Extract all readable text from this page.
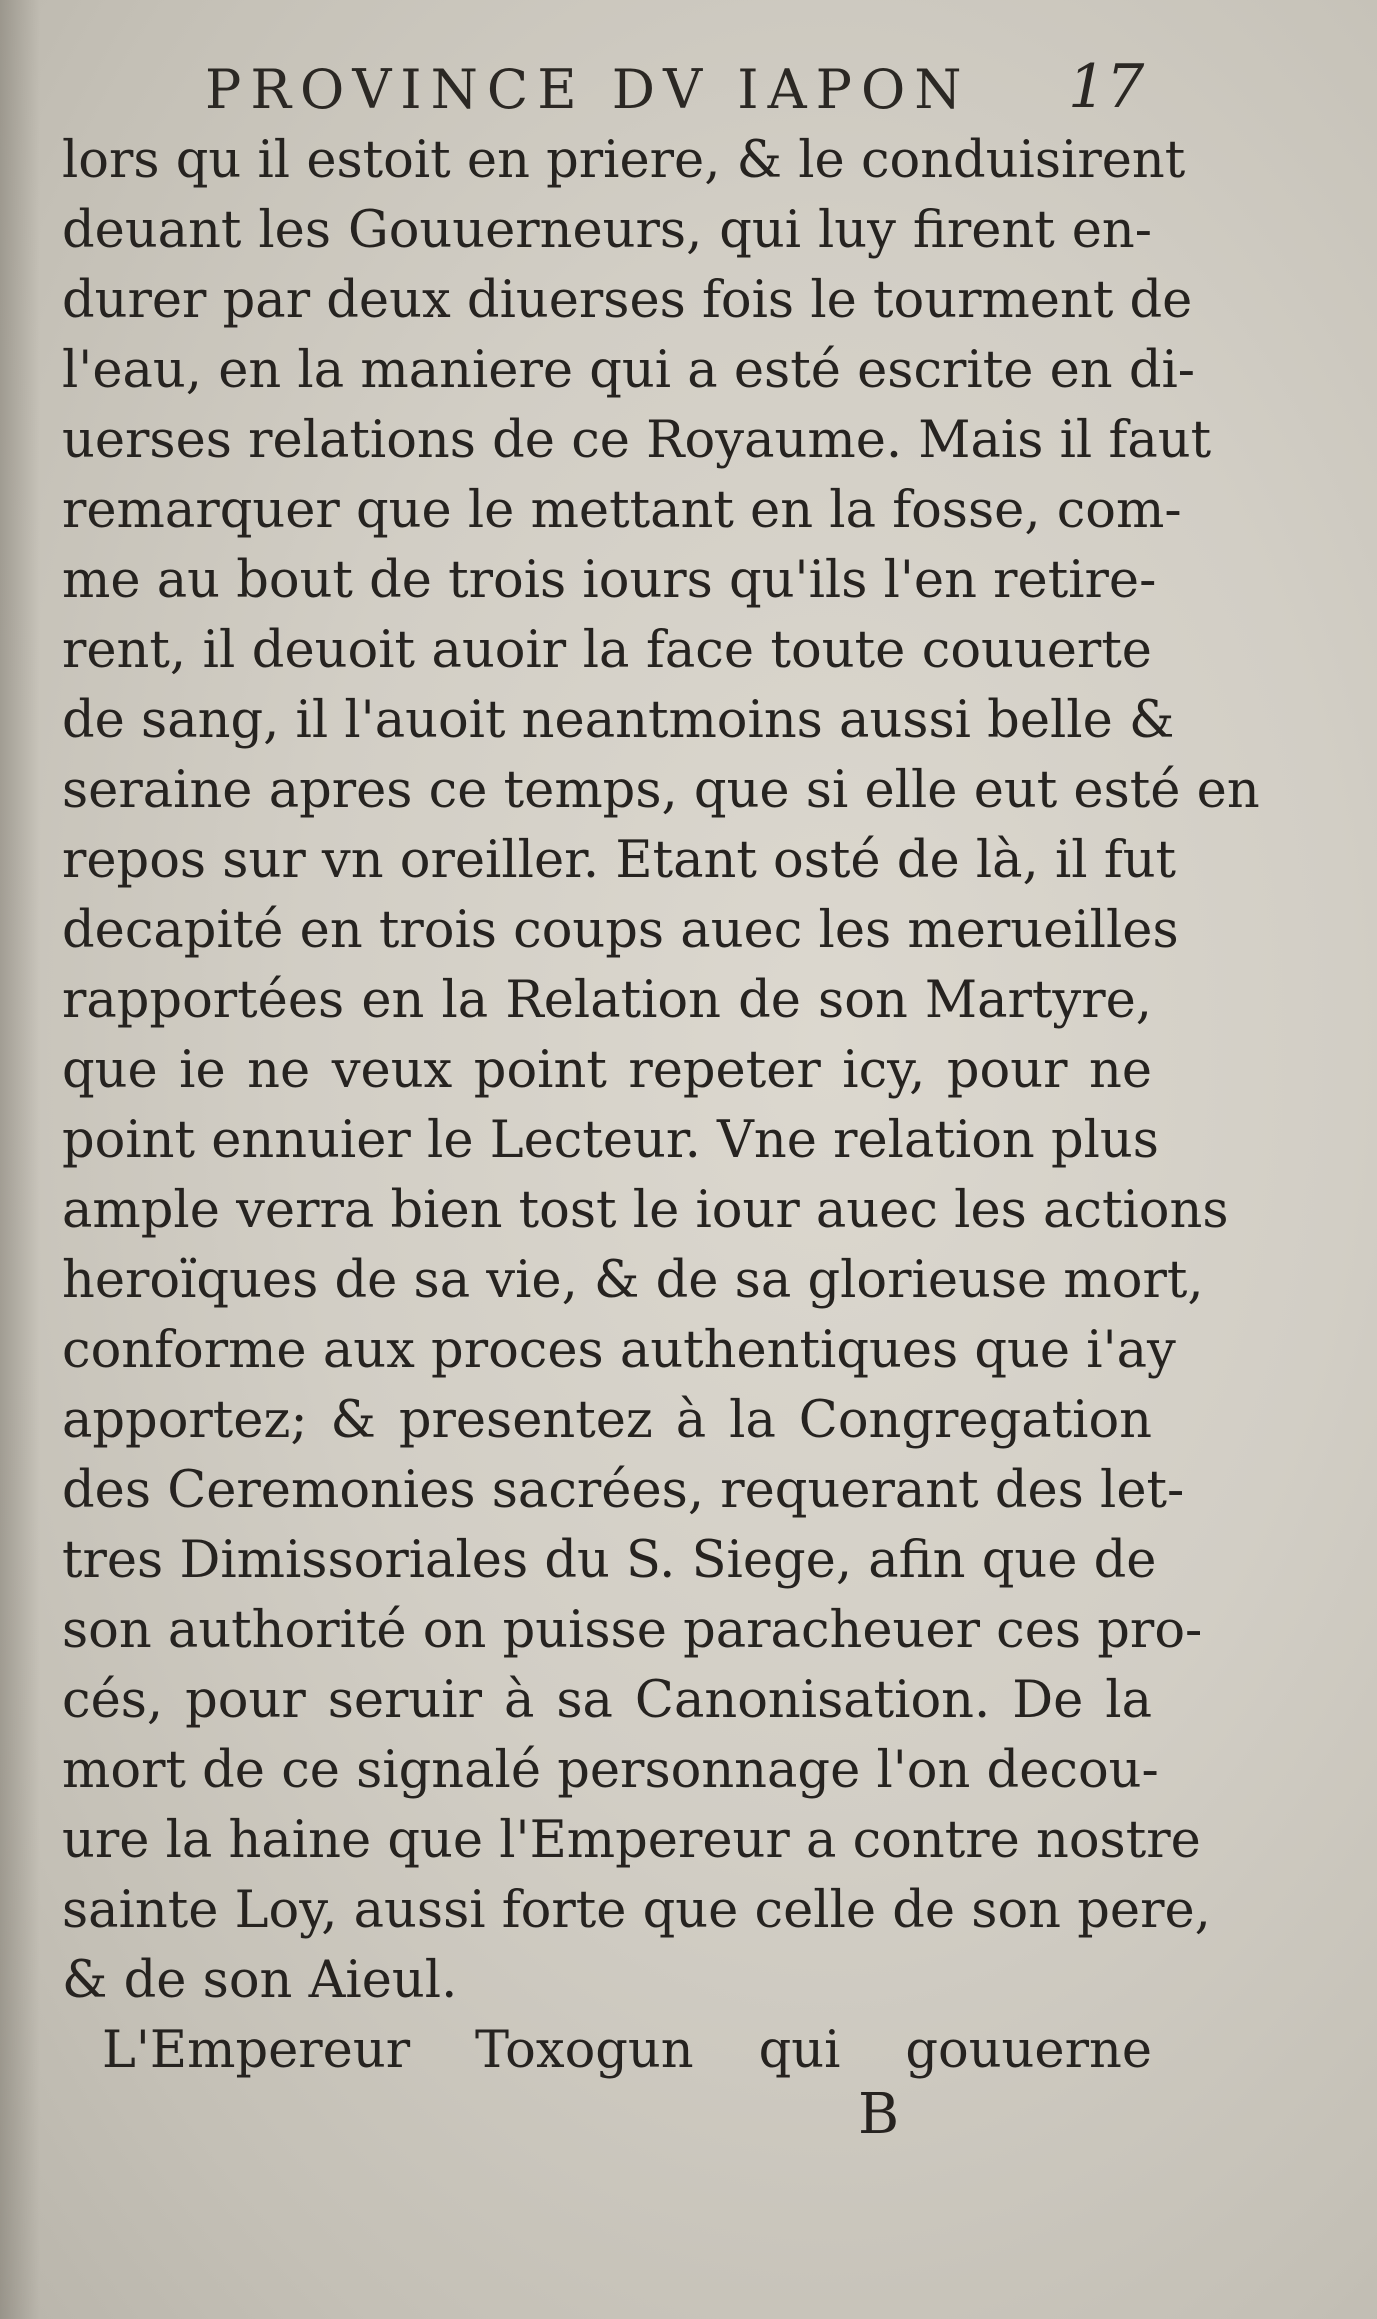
PROVINCE DV IAPON 17
lors qu il estoit en priere, & le conduisirent
deuant les Gouuerneurs, qui luy firent en-
durer par deux diuerses fois le tourment de
l'eau, en la maniere qui a esté escrite en di-
uerses relations de ce Royaume. Mais il faut
remarquer que le mettant en la fosse, com-
me au bout de trois iours qu'ils l'en retire-
rent, il deuoit auoir la face toute couuerte
de sang, il l'auoit neantmoins aussi belle &
seraine apres ce temps, que si elle eut esté en
repos sur vn oreiller. Etant osté de là, il fut
decapité en trois coups auec les merueilles
rapportées en la Relation de son Martyre,
que ie ne veux point repeter icy, pour ne
point ennuier le Lecteur. Vne relation plus
ample verra bien tost le iour auec les actions
heroïques de sa vie, & de sa glorieuse mort,
conforme aux proces authentiques que i'ay
apportez; & presentez à la Congregation
des Ceremonies sacrées, requerant des let-
tres Dimissoriales du S. Siege, afin que de
son authorité on puisse paracheuer ces pro-
cés, pour seruir à sa Canonisation. De la
mort de ce signalé personnage l'on decou-
ure la haine que l'Empereur a contre nostre
sainte Loy, aussi forte que celle de son pere,
& de son Aieul.
L'Empereur Toxogun qui gouuerne
B
